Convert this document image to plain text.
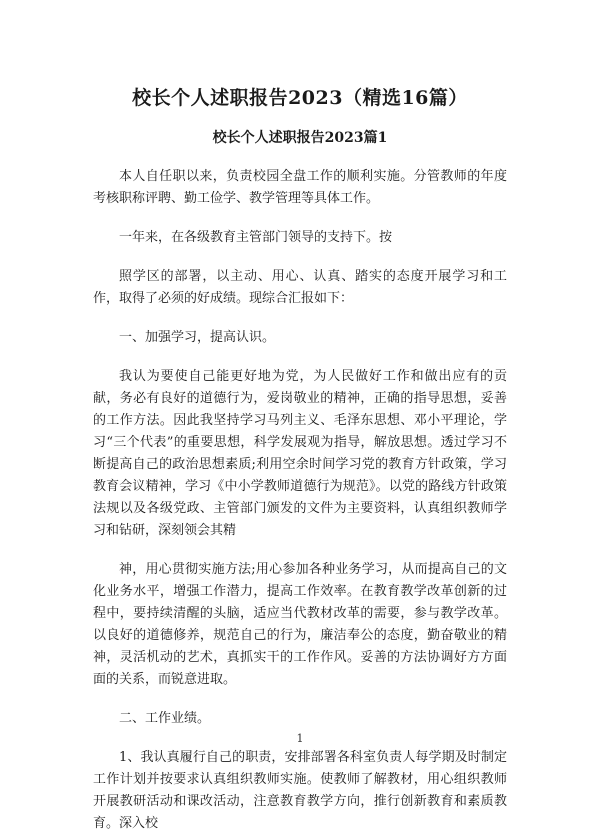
校长个人述职报告2023（精选16篇）
校长个人述职报告2023篇1

本人自任职以来，负责校园全盘工作的顺利实施。分管教师的年度考核职称评聘、勤工俭学、教学管理等具体工作。

一年来，在各级教育主管部门领导的支持下。按

照学区的部署，以主动、用心、认真、踏实的态度开展学习和工作，取得了必须的好成绩。现综合汇报如下：

一、加强学习，提高认识。

我认为要使自己能更好地为党，为人民做好工作和做出应有的贡献，务必有良好的道德行为，爱岗敬业的精神，正确的指导思想，妥善的工作方法。因此我坚持学习马列主义、毛泽东思想、邓小平理论，学习“三个代表”的重要思想，科学发展观为指导，解放思想。透过学习不断提高自己的政治思想素质;利用空余时间学习党的教育方针政策，学习教育会议精神，学习《中小学教师道德行为规范》。以党的路线方针政策法规以及各级党政、主管部门颁发的文件为主要资料，认真组织教师学习和钻研，深刻领会其精

神，用心贯彻实施方法;用心参加各种业务学习，从而提高自己的文化业务水平，增强工作潜力，提高工作效率。在教育教学改革创新的过程中，要持续清醒的头脑，适应当代教材改革的需要，参与教学改革。以良好的道德修养，规范自己的行为，廉洁奉公的态度，勤奋敬业的精神，灵活机动的艺术，真抓实干的工作作风。妥善的方法协调好方方面面的关系，而锐意进取。

二、工作业绩。

1、我认真履行自己的职责，安排部署各科室负责人每学期及时制定工作计划并按要求认真组织教师实施。使教师了解教材，用心组织教师开展教研活动和课改活动，注意教育教学方向，推行创新教育和素质教育。深入校

1
